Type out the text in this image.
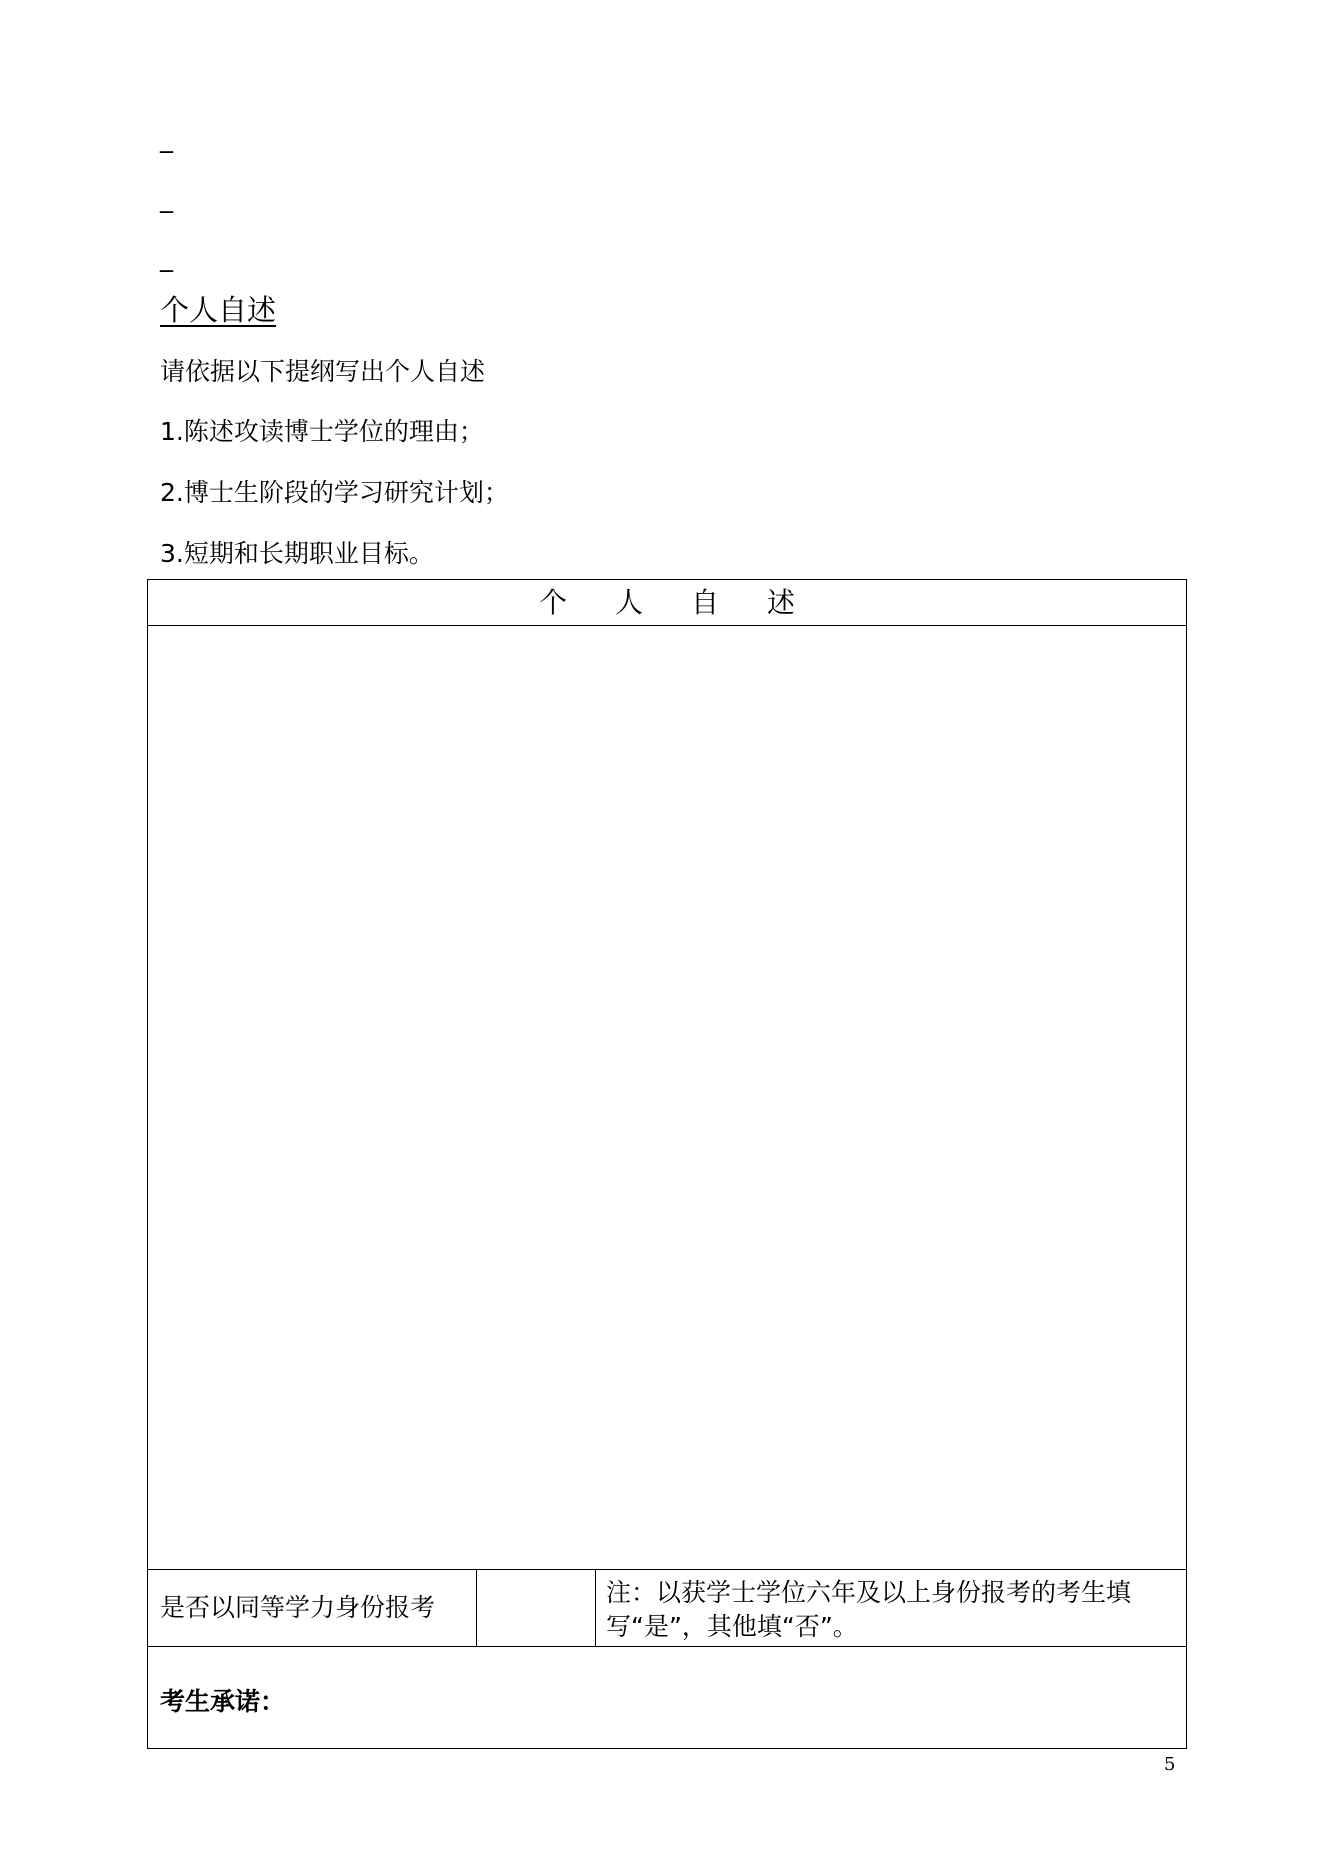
_
_
_
个人自述
请依据以下提纲写出个人自述
1.陈述攻读博士学位的理由；
2.博士生阶段的学习研究计划；
3.短期和长期职业目标。
个人自述
是否以同等学力身份报考
注：以获学士学位六年及以上身份报考的考生填写“是”，其他填“否”。
考生承诺：
5
